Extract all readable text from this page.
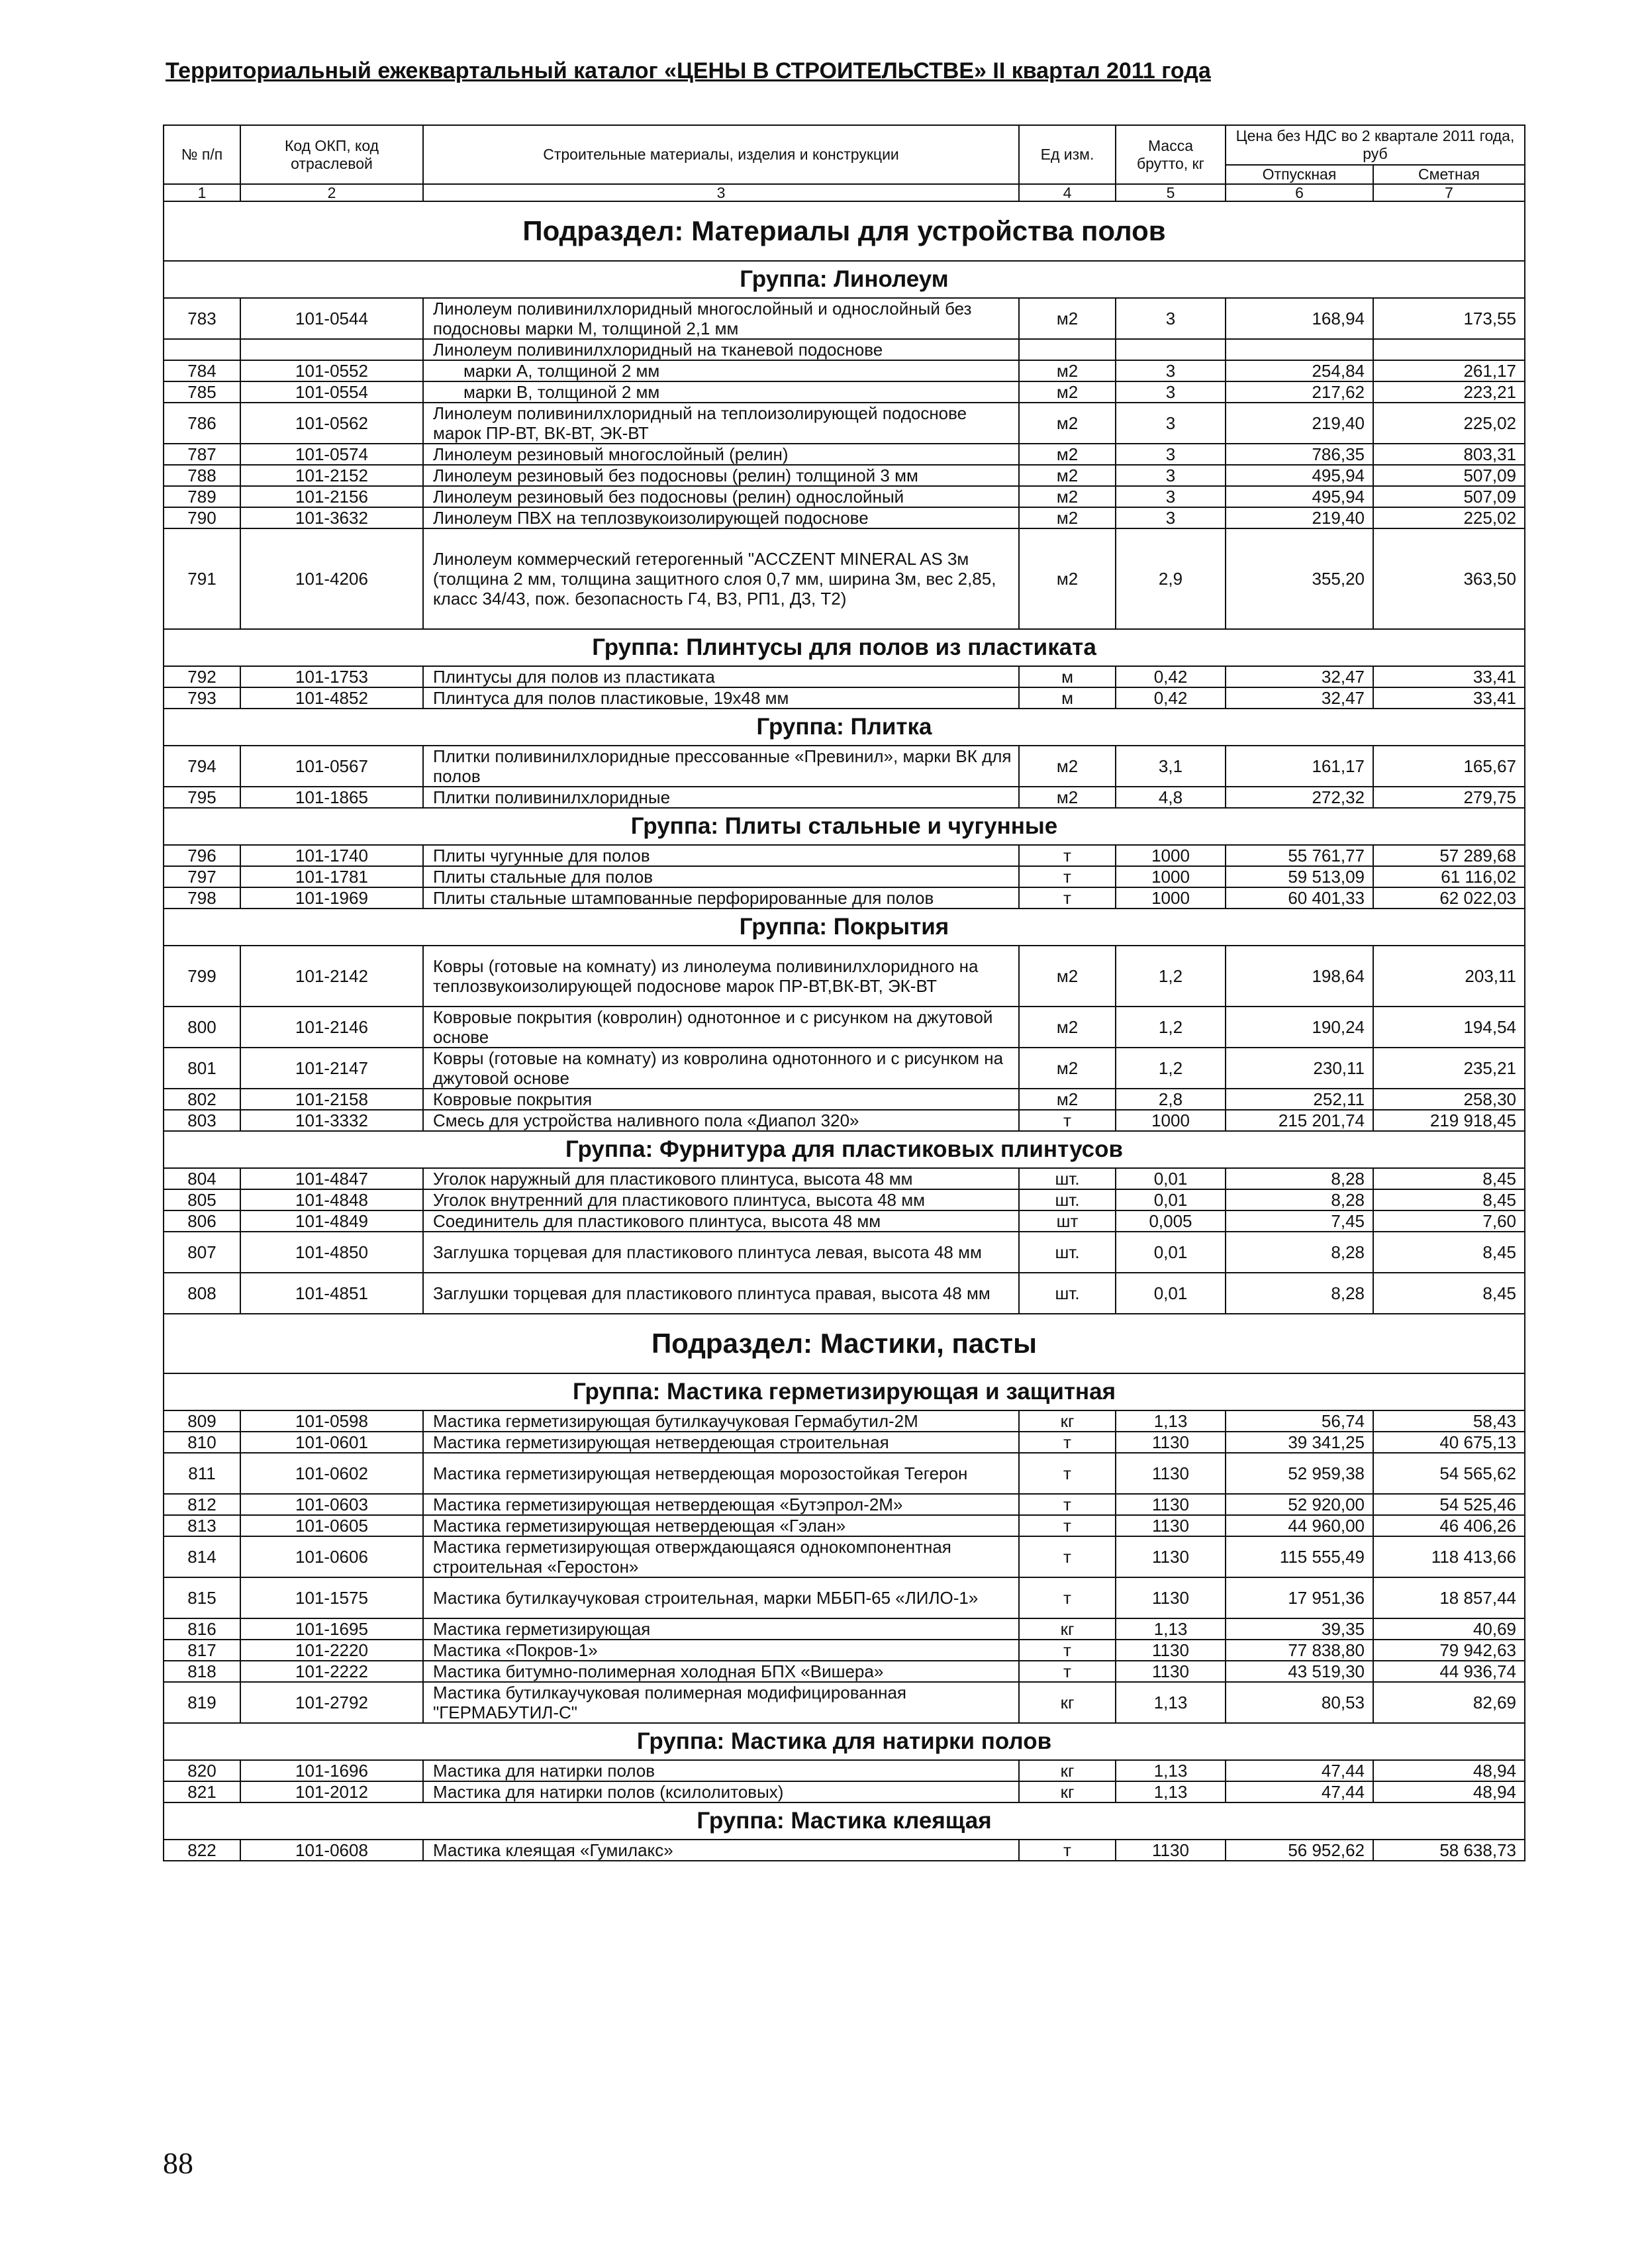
Территориальный ежеквартальный каталог «ЦЕНЫ В СТРОИТЕЛЬСТВЕ» II квартал 2011 года
№ п/п	Код ОКП, код отраслевой	Строительные материалы, изделия и конструкции	Ед изм.	Масса брутто, кг	Цена без НДС во 2 квартале 2011 года, руб	
					Отпускная	Сметная
1	2	3	4	5	6	7
Подраздел: Материалы для устройства полов						
Группа: Линолеум						
783	101-0544	Линолеум поливинилхлоридный многослойный и однослойный без подосновы марки М, толщиной 2,1 мм	м2	3	168,94	173,55
		Линолеум поливинилхлоридный на тканевой подоснове				
784	101-0552	марки А, толщиной 2 мм	м2	3	254,84	261,17
785	101-0554	марки В, толщиной 2 мм	м2	3	217,62	223,21
786	101-0562	Линолеум поливинилхлоридный на теплоизолирующей подоснове марок ПР-ВТ, ВК-ВТ, ЭК-ВТ	м2	3	219,40	225,02
787	101-0574	Линолеум резиновый многослойный (релин)	м2	3	786,35	803,31
788	101-2152	Линолеум резиновый без подосновы (релин) толщиной 3 мм	м2	3	495,94	507,09
789	101-2156	Линолеум резиновый без подосновы (релин) однослойный	м2	3	495,94	507,09
790	101-3632	Линолеум ПВХ на теплозвукоизолирующей подоснове	м2	3	219,40	225,02
791	101-4206	Линолеум коммерческий гетерогенный "ACCZENT MINERAL AS 3м (толщина 2 мм, толщина защитного слоя 0,7 мм, ширина 3м, вес 2,85, класс 34/43, пож. безопасность Г4, В3, РП1, Д3, Т2)	м2	2,9	355,20	363,50
Группа: Плинтусы для полов из пластиката						
792	101-1753	Плинтусы для полов из пластиката	м	0,42	32,47	33,41
793	101-4852	Плинтуса для полов пластиковые, 19х48 мм	м	0,42	32,47	33,41
Группа: Плитка						
794	101-0567	Плитки поливинилхлоридные прессованные «Превинил», марки ВК для полов	м2	3,1	161,17	165,67
795	101-1865	Плитки поливинилхлоридные	м2	4,8	272,32	279,75
Группа: Плиты стальные и чугунные						
796	101-1740	Плиты чугунные для полов	т	1000	55 761,77	57 289,68
797	101-1781	Плиты стальные для полов	т	1000	59 513,09	61 116,02
798	101-1969	Плиты стальные штампованные перфорированные для полов	т	1000	60 401,33	62 022,03
Группа: Покрытия						
799	101-2142	Ковры (готовые на комнату) из линолеума поливинилхлоридного на теплозвукоизолирующей подоснове марок ПР-ВТ,ВК-ВТ, ЭК-ВТ	м2	1,2	198,64	203,11
800	101-2146	Ковровые покрытия (ковролин) однотонное и с рисунком на джутовой основе	м2	1,2	190,24	194,54
801	101-2147	Ковры (готовые на комнату) из ковролина однотонного и с рисунком на джутовой основе	м2	1,2	230,11	235,21
802	101-2158	Ковровые покрытия	м2	2,8	252,11	258,30
803	101-3332	Смесь для устройства наливного пола «Диапол 320»	т	1000	215 201,74	219 918,45
Группа: Фурнитура для пластиковых плинтусов						
804	101-4847	Уголок наружный для пластикового плинтуса, высота 48 мм	шт.	0,01	8,28	8,45
805	101-4848	Уголок внутренний для пластикового плинтуса, высота 48 мм	шт.	0,01	8,28	8,45
806	101-4849	Соединитель для пластикового плинтуса, высота 48 мм	шт	0,005	7,45	7,60
807	101-4850	Заглушка торцевая для пластикового плинтуса левая, высота 48 мм	шт.	0,01	8,28	8,45
808	101-4851	Заглушки торцевая для пластикового плинтуса правая, высота 48 мм	шт.	0,01	8,28	8,45
Подраздел: Мастики, пасты						
Группа: Мастика герметизирующая и защитная						
809	101-0598	Мастика герметизирующая бутилкаучуковая Гермабутил-2М	кг	1,13	56,74	58,43
810	101-0601	Мастика герметизирующая нетвердеющая строительная	т	1130	39 341,25	40 675,13
811	101-0602	Мастика герметизирующая нетвердеющая морозостойкая Тегерон	т	1130	52 959,38	54 565,62
812	101-0603	Мастика герметизирующая нетвердеющая «Бутэпрол-2М»	т	1130	52 920,00	54 525,46
813	101-0605	Мастика герметизирующая нетвердеющая «Гэлан»	т	1130	44 960,00	46 406,26
814	101-0606	Мастика герметизирующая отверждающаяся однокомпонентная строительная «Геростон»	т	1130	115 555,49	118 413,66
815	101-1575	Мастика бутилкаучуковая строительная, марки МББП-65 «ЛИЛО-1»	т	1130	17 951,36	18 857,44
816	101-1695	Мастика герметизирующая	кг	1,13	39,35	40,69
817	101-2220	Мастика «Покров-1»	т	1130	77 838,80	79 942,63
818	101-2222	Мастика битумно-полимерная холодная БПХ «Вишера»	т	1130	43 519,30	44 936,74
819	101-2792	Мастика бутилкаучуковая полимерная модифицированная "ГЕРМАБУТИЛ-С"	кг	1,13	80,53	82,69
Группа: Мастика для натирки полов						
820	101-1696	Мастика для натирки полов	кг	1,13	47,44	48,94
821	101-2012	Мастика для натирки полов (ксилолитовых)	кг	1,13	47,44	48,94
Группа: Мастика клеящая						
822	101-0608	Мастика клеящая «Гумилакс»	т	1130	56 952,62	58 638,73
88
